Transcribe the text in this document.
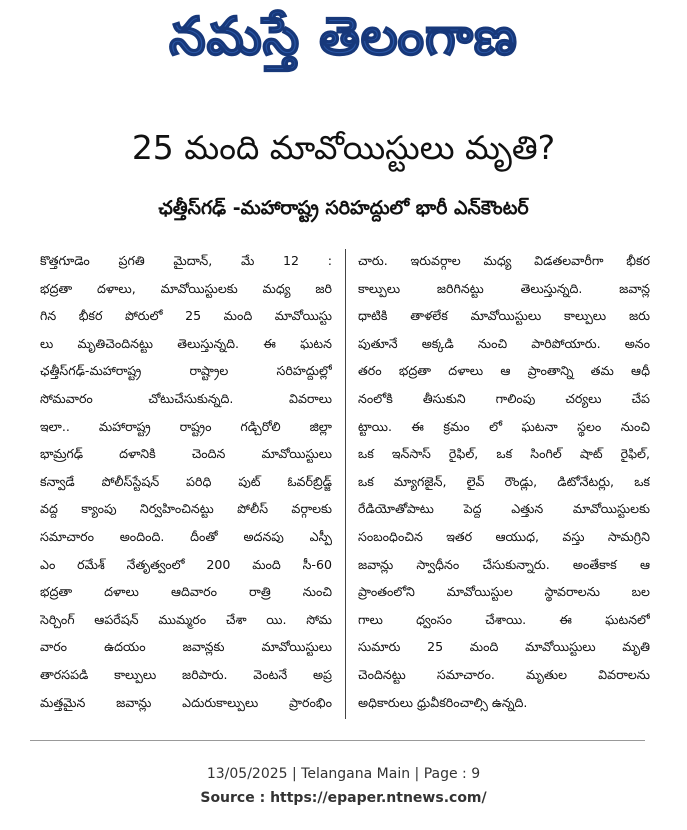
నమస్తే తెలంగాణ
25 మంది మావోయిస్టులు మృతి?
ఛత్తీస్‌గఢ్ -మహారాష్ట్ర సరిహద్దులో భారీ ఎన్‌కౌంటర్
కొత్తగూడెం ప్రగతి మైదాన్, మే 12 :
భద్రతా దళాలు, మావోయిస్టులకు మధ్య జరి
గిన భీకర పోరులో 25 మంది మావోయిస్టు
లు మృతిచెందినట్టు తెలుస్తున్నది. ఈ ఘటన
ఛత్తీస్‌గఢ్-మహారాష్ట్ర రాష్ట్రాల సరిహద్దుల్లో
సోమవారం చోటుచేసుకున్నది. వివరాలు
ఇలా.. మహారాష్ట్ర రాష్ట్రం గడ్చిరోలి జిల్లా
భామ్రగఢ్ దళానికి చెందిన మావోయిస్టులు
కన్వాడే పోలీస్‌స్టేషన్ పరిధి పుట్ ఓవర్‌బ్రిడ్జ్
వద్ద క్యాంపు నిర్వహించినట్టు పోలీస్ వర్గాలకు
సమాచారం అందింది. దీంతో అదనపు ఎస్పీ
ఎం రమేశ్ నేతృత్వంలో 200 మంది సీ-60
భద్రతా దళాలు ఆదివారం రాత్రి నుంచి
సెర్చింగ్ ఆపరేషన్ ముమ్మరం చేశా యి. సోమ
వారం ఉదయం జవాన్లకు మావోయిస్టులు
తారసపడి కాల్పులు జరిపారు. వెంటనే అప్ర
మత్తమైన జవాన్లు ఎదురుకాల్పులు ప్రారంభిం
చారు. ఇరువర్గాల మధ్య విడతలవారీగా భీకర
కాల్పులు జరిగినట్టు తెలుస్తున్నది. జవాన్ల
ధాటికి తాళలేక మావోయిస్టులు కాల్పులు జరు
పుతూనే అక్కడి నుంచి పారిపోయారు. అనం
తరం భద్రతా దళాలు ఆ ప్రాంతాన్ని తమ ఆధీ
నంలోకి తీసుకుని గాలింపు చర్యలు చేప
ట్టాయి. ఈ క్రమం లో ఘటనా స్థలం నుంచి
ఒక ఇన్‌సాస్ రైఫిల్, ఒక సింగిల్ షాట్ రైఫిల్,
ఒక మ్యాగజైన్, లైవ్ రౌండ్లు, డిటోనేటర్లు, ఒక
రేడియోతోపాటు పెద్ద ఎత్తున మావోయిస్టులకు
సంబంధించిన ఇతర ఆయుధ, వస్తు సామగ్రిని
జవాన్లు స్వాధీనం చేసుకున్నారు. అంతేకాక ఆ
ప్రాంతంలోని మావోయిస్టుల స్థావరాలను బల
గాలు ధ్వంసం చేశాయి. ఈ ఘటనలో
సుమారు 25 మంది మావోయిస్టులు మృతి
చెందినట్టు సమాచారం. మృతుల వివరాలను
అధికారులు ధ్రువీకరించాల్సి ఉన్నది.
13/05/2025 | Telangana Main | Page : 9
Source : https://epaper.ntnews.com/
